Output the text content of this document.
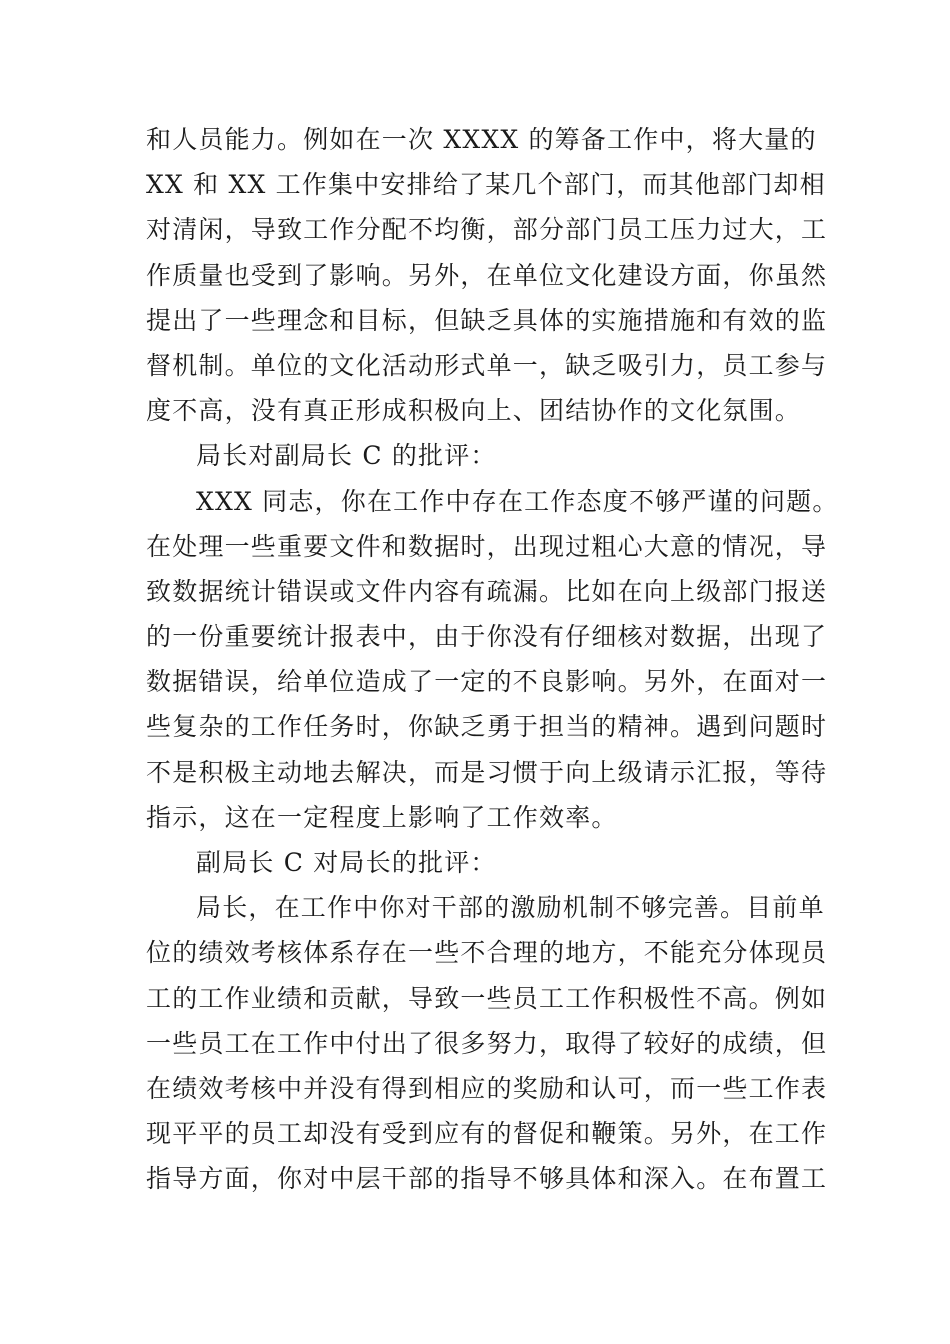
和人员能力。例如在一次 XXXX 的筹备工作中，将大量的
XX 和 XX 工作集中安排给了某几个部门，而其他部门却相
对清闲，导致工作分配不均衡，部分部门员工压力过大，工
作质量也受到了影响。另外，在单位文化建设方面，你虽然
提出了一些理念和目标，但缺乏具体的实施措施和有效的监
督机制。单位的文化活动形式单一，缺乏吸引力，员工参与
度不高，没有真正形成积极向上、团结协作的文化氛围。
局长对副局长 C 的批评：
XXX 同志，你在工作中存在工作态度不够严谨的问题。
在处理一些重要文件和数据时，出现过粗心大意的情况，导
致数据统计错误或文件内容有疏漏。比如在向上级部门报送
的一份重要统计报表中，由于你没有仔细核对数据，出现了
数据错误，给单位造成了一定的不良影响。另外，在面对一
些复杂的工作任务时，你缺乏勇于担当的精神。遇到问题时
不是积极主动地去解决，而是习惯于向上级请示汇报，等待
指示，这在一定程度上影响了工作效率。
副局长 C 对局长的批评：
局长，在工作中你对干部的激励机制不够完善。目前单
位的绩效考核体系存在一些不合理的地方，不能充分体现员
工的工作业绩和贡献，导致一些员工工作积极性不高。例如
一些员工在工作中付出了很多努力，取得了较好的成绩，但
在绩效考核中并没有得到相应的奖励和认可，而一些工作表
现平平的员工却没有受到应有的督促和鞭策。另外，在工作
指导方面，你对中层干部的指导不够具体和深入。在布置工
